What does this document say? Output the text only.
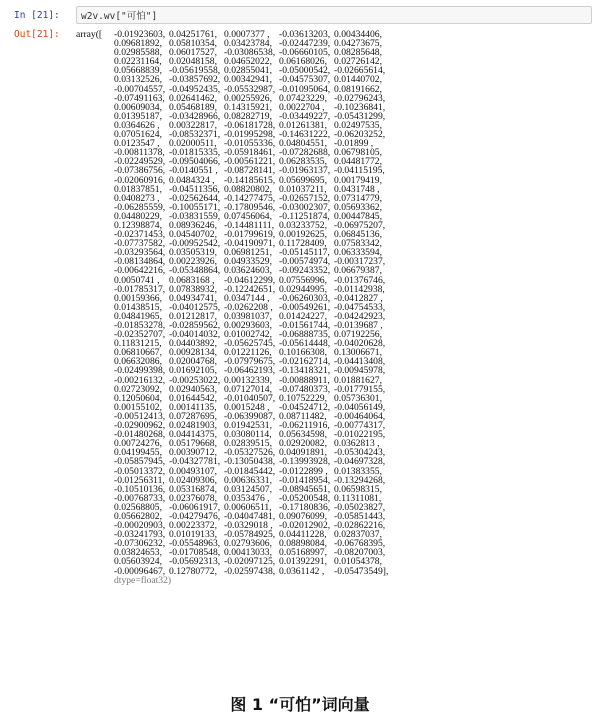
In [21]:	w2v.wv["可怕"]
Out[21]:	array([	-0.01923603, 0.04251761, 0.0007377 , -0.03613203, 0.00434406,
0.09681892, 0.05810354, 0.03423784, -0.02447239, 0.04273675,
0.02985588, 0.06017527, -0.03086538, -0.06660105, 0.08285648,
0.02231164, 0.02048158, 0.04652022, 0.06168026, 0.02726142,
0.05668839, -0.05619558, 0.02855041, -0.05000542, -0.02665614,
0.03132526, -0.03857692, 0.00342941, -0.04575307, 0.01440702,
-0.00704557, -0.04952435, -0.05532987, -0.01095064, 0.08191662,
-0.07491163, 0.02641462, 0.00255926, 0.07423229, -0.02796243,
0.00609034, 0.05468189, 0.14315921, 0.0022704 , -0.10236841,
0.01395187, -0.03428966, 0.08282719, -0.03449227, -0.05431299,
0.0364626 , 0.00322817, -0.06181728, 0.01261381, 0.02497535,
0.07051624, -0.08532371, -0.01995298, -0.14631222, -0.06203252,
0.0123547 , 0.02000511, -0.01055336, 0.04804551, -0.01899 ,
-0.00811378, -0.01815335, -0.05918461, -0.07282688, 0.06798105,
-0.02249529, -0.09504066, -0.00561221, 0.06283535, 0.04481772,
-0.07386756, -0.0140551 , -0.08728141, -0.01963137, -0.04115195,
-0.02060916, 0.0484324 , -0.14185615, 0.05699695, 0.00179419,
0.01837851, -0.04511356, 0.08820802, 0.01037211, 0.0431748 ,
0.0408273 , -0.02562644, -0.14277475, -0.02657152, 0.07314779,
-0.06285559, -0.10055171, -0.17809546, -0.03002307, 0.05693362,
0.04480229, -0.03831559, 0.07456064, -0.11251874, 0.00447845,
0.12398874, 0.08936246, -0.14481111, 0.03233752, -0.06975207,
-0.02371453, 0.04540702, -0.01799619, 0.00192625, 0.06845136,
-0.07737582, -0.00952542, -0.04190971, 0.11728409, 0.07583342,
-0.03293564, 0.03505319, 0.06981251, -0.05145117, 0.06333594,
-0.08134864, 0.00223926, 0.04933529, -0.00574974, -0.00317237,
-0.00642216, -0.05348864, 0.03624603, -0.09243352, 0.06679387,
0.0050741 , 0.0683168 , -0.04612299, 0.07556996, -0.01376746,
-0.01785317, 0.07838932, -0.12242651, 0.02944995, -0.01142938,
0.00159366, 0.04934741, 0.0347144 , -0.06260303, -0.0412827 ,
0.01438515, -0.04012575, -0.0262208 , -0.00549261, -0.04754533,
0.04841965, 0.01212817, 0.03981037, 0.01424227, -0.04242923,
-0.01853278, -0.02859562, 0.00293603, -0.01561744, -0.0139687 ,
-0.02352707, -0.04014032, 0.01002742, -0.06888735, 0.07192256,
0.11831215, 0.04403892, -0.05625745, -0.05614448, -0.04020628,
0.06810667, 0.00928134, 0.01221126, 0.10166308, 0.13006671,
0.06632086, 0.02004768, -0.07979675, -0.02162714, -0.04413408,
-0.02499398, 0.01692105, -0.06462193, -0.13418321, -0.00945978,
-0.00216132, -0.00253022, 0.00132339, -0.00888911, 0.01881627,
0.02723092, 0.02940563, 0.07127014, -0.07480373, -0.01779155,
0.12050604, 0.01644542, -0.01040507, 0.10752229, 0.05736301,
0.00155102, 0.00141135, 0.0015248 , -0.04524712, -0.04056149,
-0.00512413, 0.07287695, -0.06399087, 0.08711482, -0.00464064,
-0.02900962, 0.02481903, 0.01942531, -0.06211916, -0.00774317,
-0.01480268, 0.04414375, 0.03080114, 0.05634598, -0.01022195,
0.00724276, 0.05179668, 0.02839515, 0.02920082, 0.0362813 ,
0.04199455, 0.00390712, -0.05327526, 0.04091891, -0.05304243,
-0.05857945, -0.04327781, -0.13050438, -0.13993928, -0.04697328,
-0.05013372, 0.00493107, -0.01845442, -0.0122899 , 0.01383355,
-0.01256311, 0.02409306, 0.00636331, -0.01418954, -0.13294268,
-0.10510136, 0.05316874, 0.03124507, -0.08945651, 0.06598315,
-0.00768733, 0.02376078, 0.0353476 , -0.05200548, 0.11311081,
0.02568805, -0.06061917, 0.00606511, -0.17180836, -0.05023827,
0.05662802, -0.04279476, -0.04047481, 0.09076099, -0.05851443,
-0.00020903, 0.00223372, -0.0329018 , -0.02012902, -0.02862216,
-0.03241793, 0.01019133, -0.05784925, 0.04411228, 0.02837037,
-0.07306232, -0.05548963, 0.02793606, 0.08898084, -0.06768395,
0.03824653, -0.01708548, 0.00413033, 0.05168997, -0.08207003,
0.05603924, -0.05692313, -0.02097125, 0.01392291, 0.01054378,
-0.00096467, 0.12780772, -0.02597438, 0.0361142 ,	-0.05473549],
dtype=float32)
图 1 “可怕”词向量
